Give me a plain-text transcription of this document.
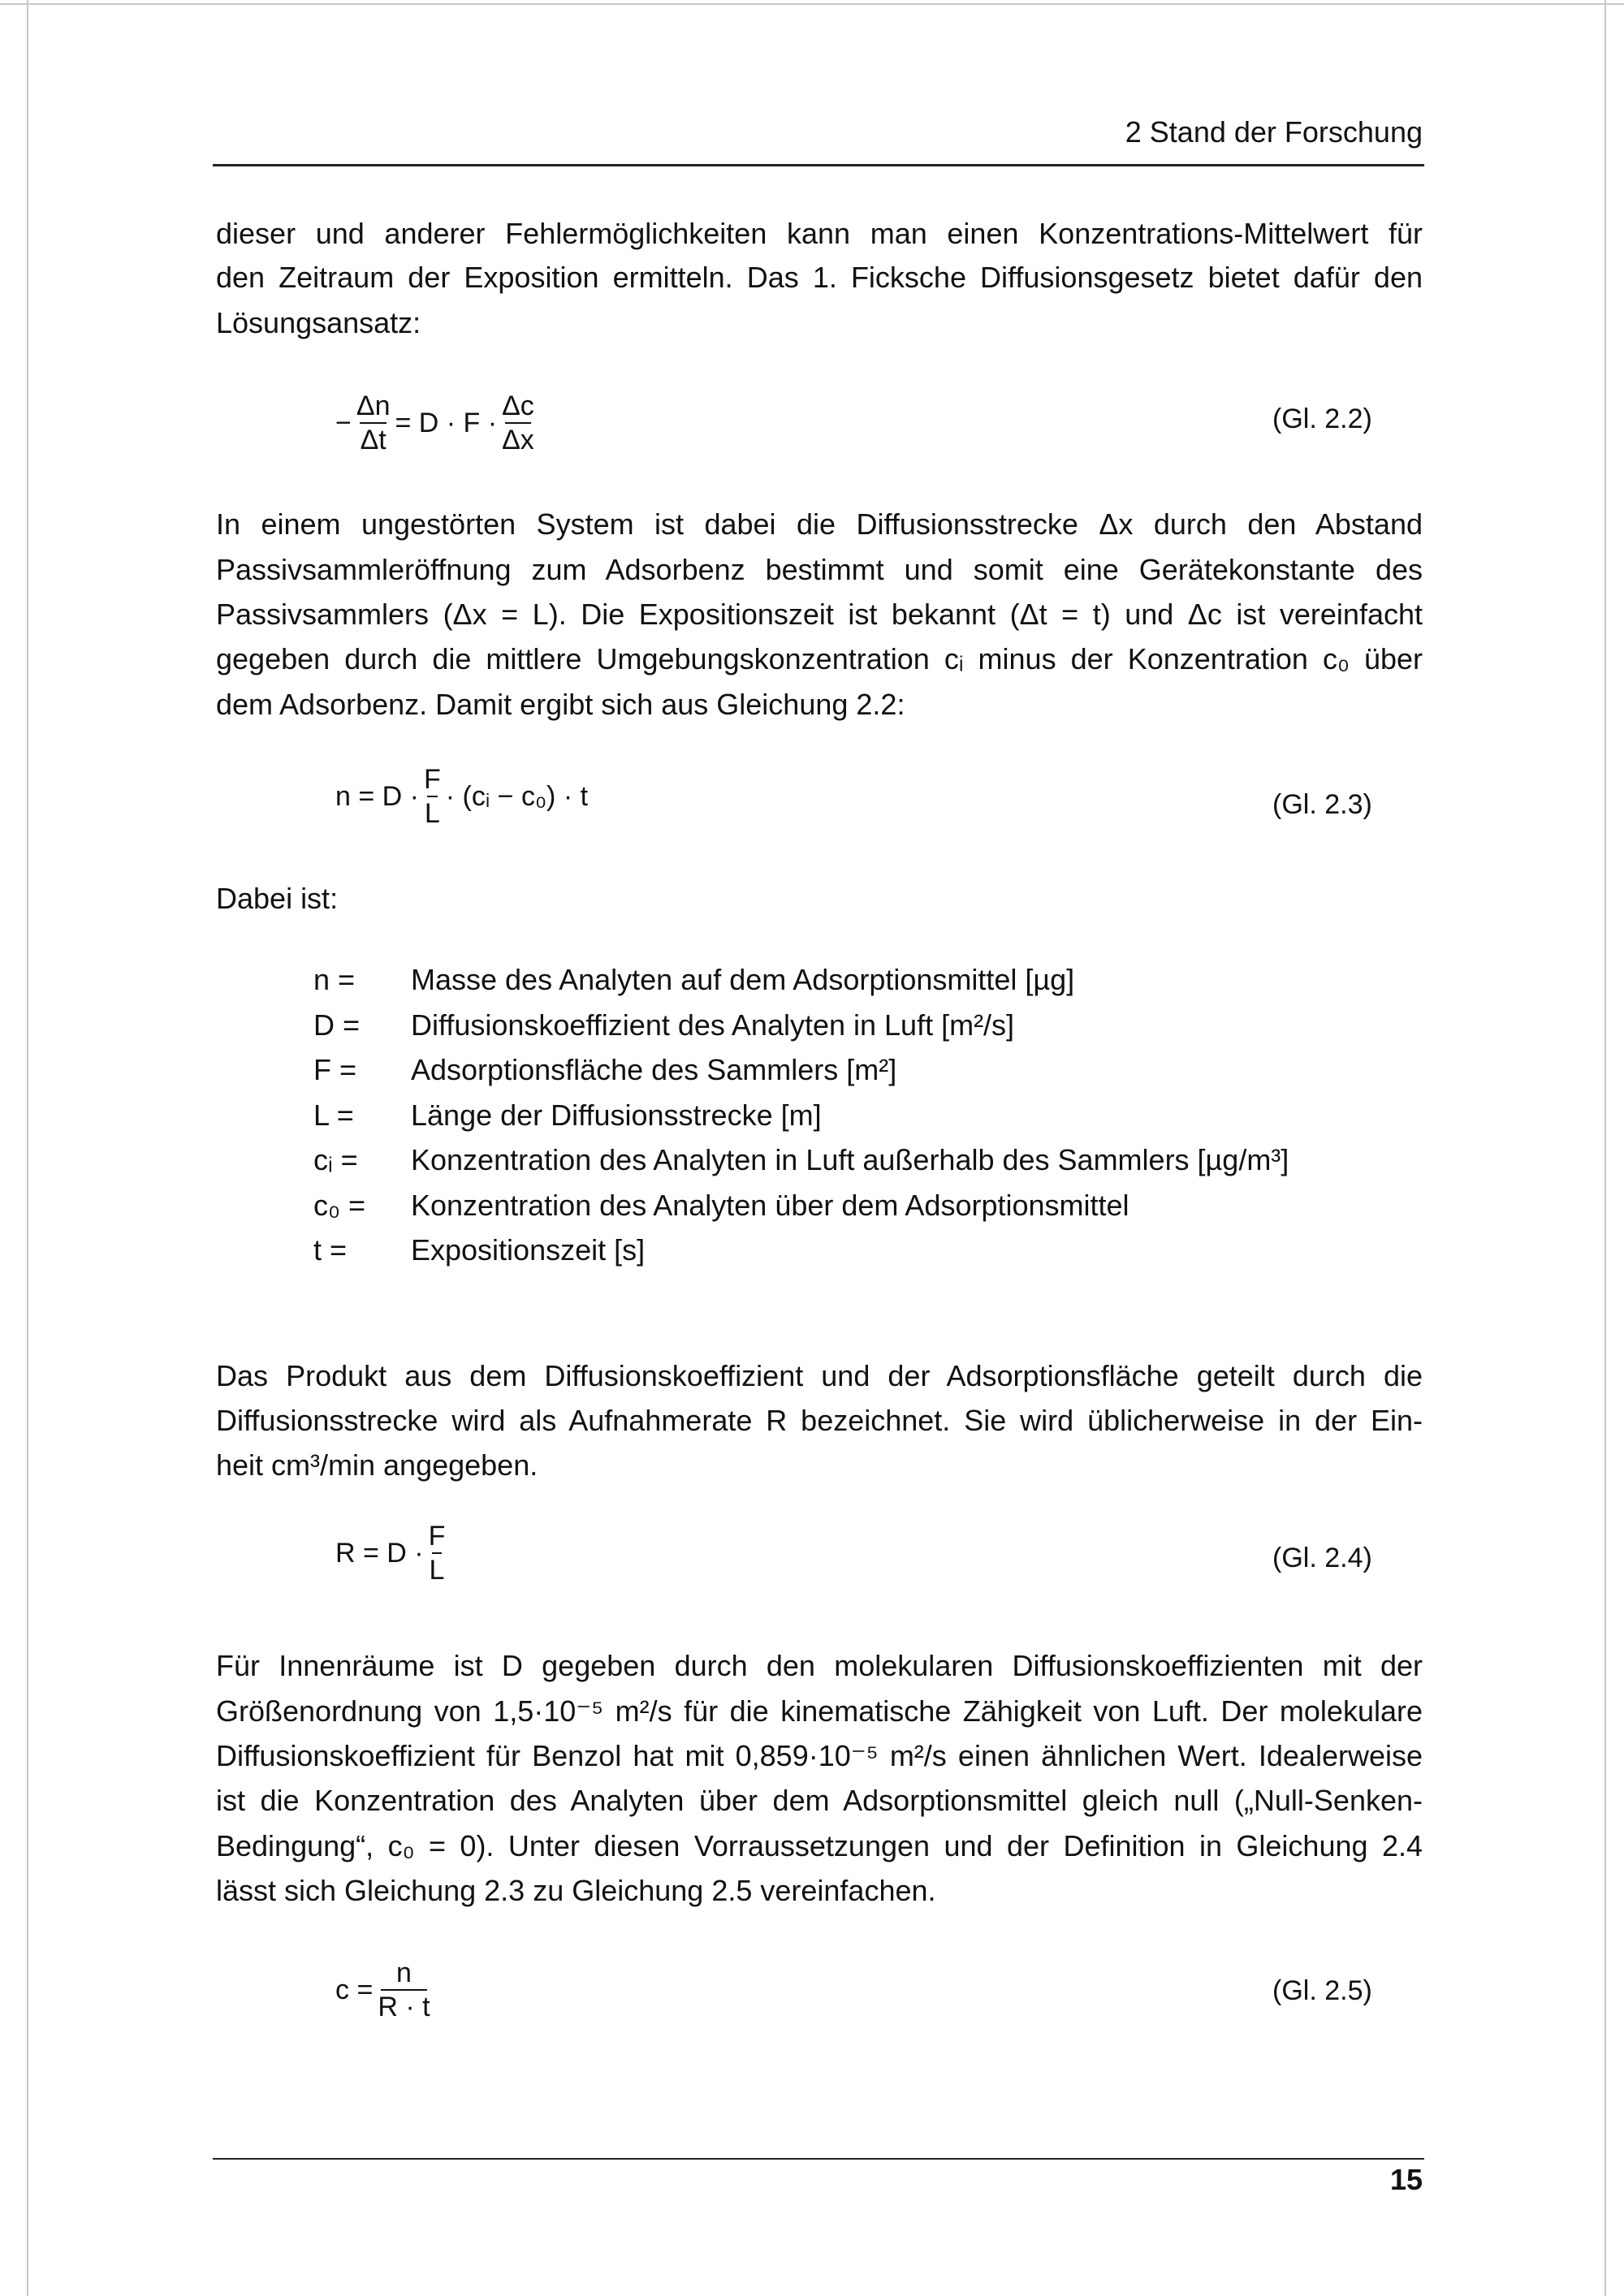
2 Stand der Forschung
dieser und anderer Fehlermöglichkeiten kann man einen Konzentrations-Mittelwert für
den Zeitraum der Exposition ermitteln. Das 1. Ficksche Diffusionsgesetz bietet dafür den
Lösungsansatz:
In einem ungestörten System ist dabei die Diffusionsstrecke Δx durch den Abstand
Passivsammleröffnung zum Adsorbenz bestimmt und somit eine Gerätekonstante des
Passivsammlers (Δx = L). Die Expositionszeit ist bekannt (Δt = t) und Δc ist vereinfacht
gegeben durch die mittlere Umgebungskonzentration cᵢ minus der Konzentration c₀ über
dem Adsorbenz. Damit ergibt sich aus Gleichung 2.2:
Das Produkt aus dem Diffusionskoeffizient und der Adsorptionsfläche geteilt durch die
Diffusionsstrecke wird als Aufnahmerate R bezeichnet. Sie wird üblicherweise in der Ein-
heit cm³/min angegeben.
Für Innenräume ist D gegeben durch den molekularen Diffusionskoeffizienten mit der
Größenordnung von 1,5·10⁻⁵ m²/s für die kinematische Zähigkeit von Luft. Der molekulare
Diffusionskoeffizient für Benzol hat mit 0,859·10⁻⁵ m²/s einen ähnlichen Wert. Idealerweise
ist die Konzentration des Analyten über dem Adsorptionsmittel gleich null („Null-Senken-
Bedingung“, c₀ = 0). Unter diesen Vorraussetzungen und der Definition in Gleichung 2.4
lässt sich Gleichung 2.3 zu Gleichung 2.5 vereinfachen.
− $\frac{\Delta n}{\Delta t} = D \cdot F \cdot \frac{\Delta c}{\Delta x}$	(Gl. 2.2)
$n = D \cdot \frac{F}{L}$ · (cᵢ − c₀) · t	(Gl. 2.3)
Dabei ist:
n = Masse des Analyten auf dem Adsorptionsmittel [µg]
D = Diffusionskoeffizient des Analyten in Luft [m²/s]
F = Adsorptionsfläche des Sammlers [m²]
L = Länge der Diffusionsstrecke [m]
cᵢ = Konzentration des Analyten in Luft außerhalb des Sammlers [µg/m³]
c₀ = Konzentration des Analyten über dem Adsorptionsmittel
t = Expositionszeit [s]
$R = D \cdot \frac{F}{L}$	(Gl. 2.4)
$c = \frac{n}{R \cdot t}$	(Gl. 2.5)
15
